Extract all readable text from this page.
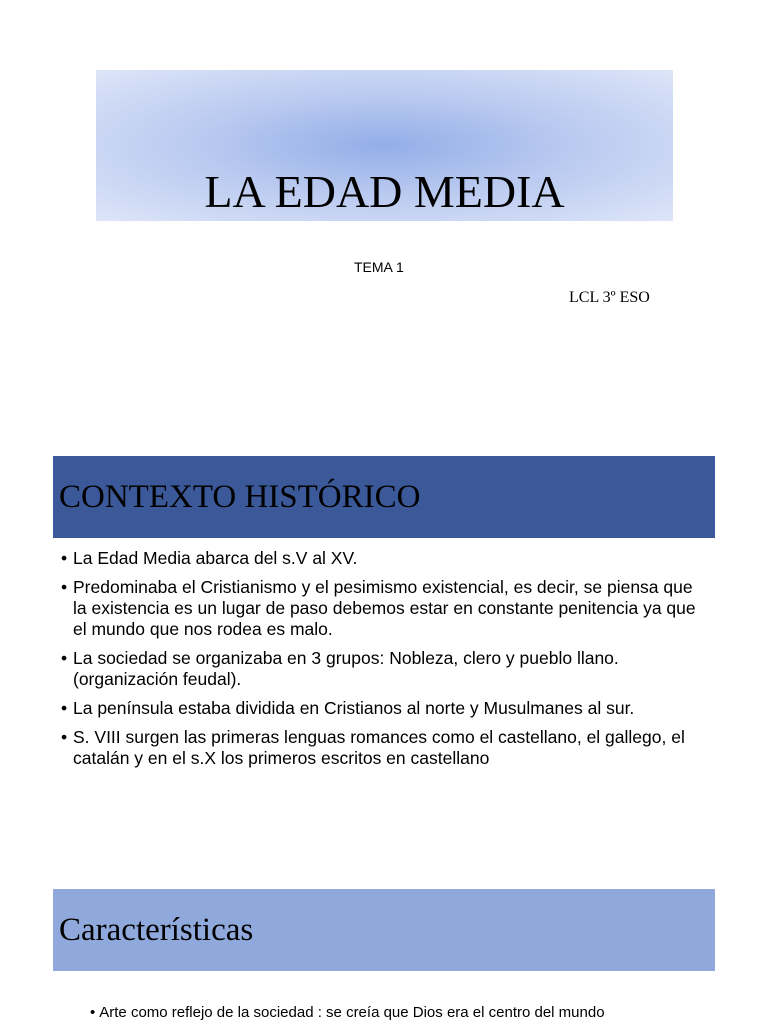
LA EDAD MEDIA
TEMA 1
LCL 3º ESO
CONTEXTO HISTÓRICO
• La Edad Media abarca del s.V al XV.
• Predominaba el Cristianismo y el pesimismo existencial, es decir, se piensa que la existencia es un lugar de paso debemos estar en constante penitencia ya que el mundo que nos rodea es malo.
• La sociedad se organizaba en 3 grupos: Nobleza, clero y pueblo llano.(organización feudal).
• La península estaba dividida en Cristianos al norte y Musulmanes al sur.
• S. VIII surgen las primeras lenguas romances como el castellano, el gallego, el catalán y en el s.X los primeros escritos en castellano
Características
• Arte como reflejo de la sociedad : se creía que Dios era el centro del mundo
